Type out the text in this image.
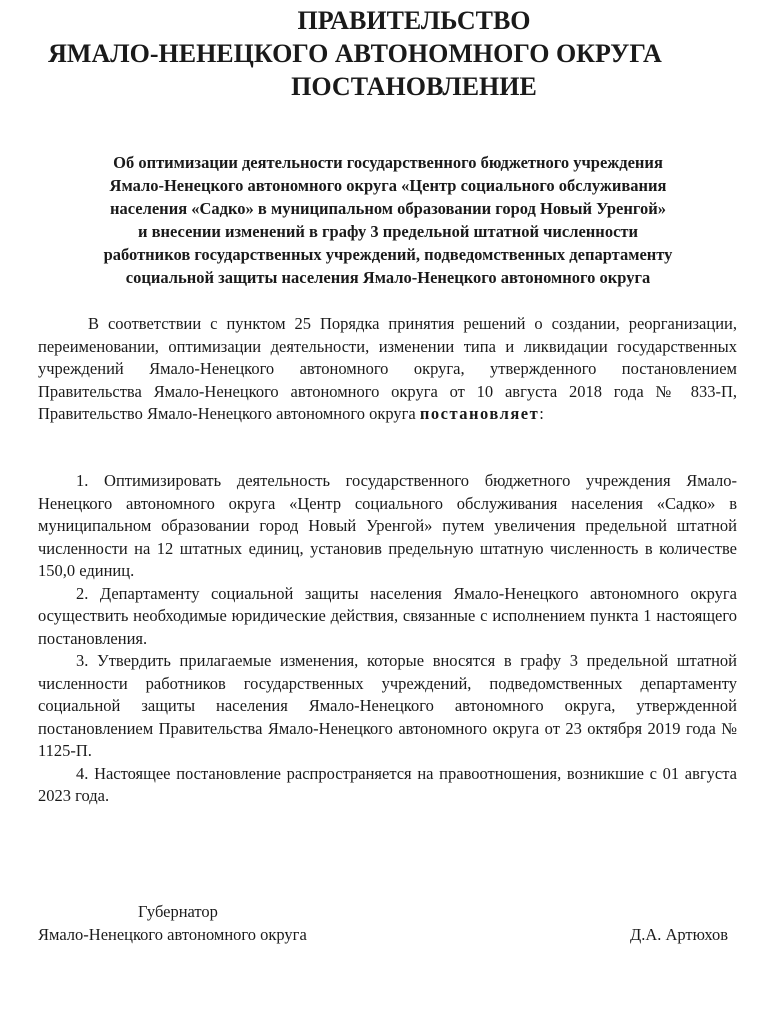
ПРАВИТЕЛЬСТВО
ЯМАЛО-НЕНЕЦКОГО АВТОНОМНОГО ОКРУГА
ПОСТАНОВЛЕНИЕ
Об оптимизации деятельности государственного бюджетного учреждения
Ямало-Ненецкого автономного округа «Центр социального обслуживания
населения «Садко» в муниципальном образовании город Новый Уренгой»
и внесении изменений в графу 3 предельной штатной численности
работников государственных учреждений, подведомственных департаменту
социальной защиты населения Ямало-Ненецкого автономного округа
В соответствии с пунктом 25 Порядка принятия решений о создании, реорганизации, переименовании, оптимизации деятельности, изменении типа и ликвидации государственных учреждений Ямало-Ненецкого автономного округа, утвержденного постановлением Правительства Ямало-Ненецкого автономного округа от 10 августа 2018 года № 833-П, Правительство Ямало-Ненецкого автономного округа постановляет:

1. Оптимизировать деятельность государственного бюджетного учреждения Ямало-Ненецкого автономного округа «Центр социального обслуживания населения «Садко» в муниципальном образовании город Новый Уренгой» путем увеличения предельной штатной численности на 12 штатных единиц, установив предельную штатную численность в количестве 150,0 единиц.

2. Департаменту социальной защиты населения Ямало-Ненецкого автономного округа осуществить необходимые юридические действия, связанные с исполнением пункта 1 настоящего постановления.

3. Утвердить прилагаемые изменения, которые вносятся в графу 3 предельной штатной численности работников государственных учреждений, подведомственных департаменту социальной защиты населения Ямало-Ненецкого автономного округа, утвержденной постановлением Правительства Ямало-Ненецкого автономного округа от 23 октября 2019 года № 1125-П.

4. Настоящее постановление распространяется на правоотношения, возникшие с 01 августа 2023 года.

Губернатор
Ямало-Ненецкого автономного округа	Д.А. Артюхов
